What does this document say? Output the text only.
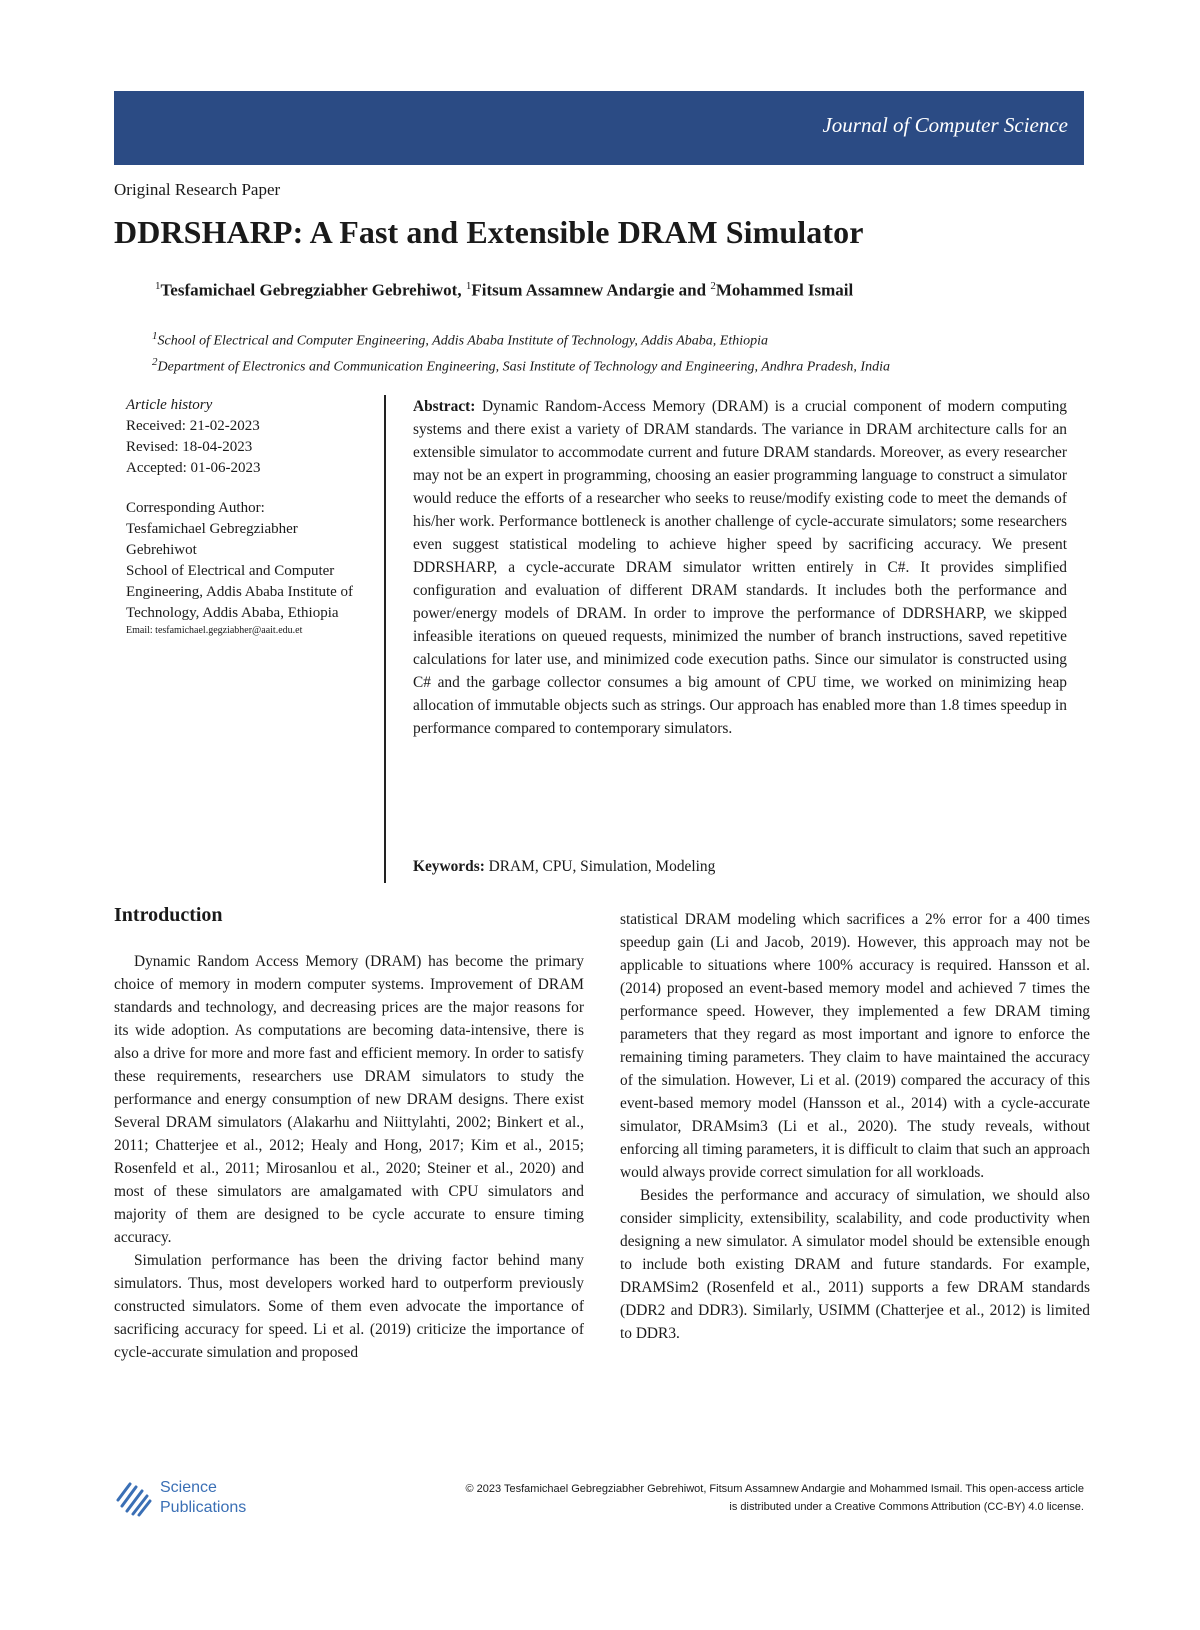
Journal of Computer Science
Original Research Paper
DDRSHARP: A Fast and Extensible DRAM Simulator
$^1$Tesfamichael Gebregziabher Gebrehiwot, $^1$Fitsum Assamnew Andargie and $^2$Mohammed Ismail
$^1$School of Electrical and Computer Engineering, Addis Ababa Institute of Technology, Addis Ababa, Ethiopia
$^2$Department of Electronics and Communication Engineering, Sasi Institute of Technology and Engineering, Andhra Pradesh, India
Article history
Received: 21-02-2023
Revised: 18-04-2023
Accepted: 01-06-2023
Corresponding Author:
Tesfamichael Gebregziabher Gebrehiwot
School of Electrical and Computer Engineering, Addis Ababa Institute of Technology, Addis Ababa, Ethiopia
Email: tesfamichael.gegziabher@aait.edu.et
Abstract: Dynamic Random-Access Memory (DRAM) is a crucial component of modern computing systems and there exist a variety of DRAM standards. The variance in DRAM architecture calls for an extensible simulator to accommodate current and future DRAM standards. Moreover, as every researcher may not be an expert in programming, choosing an easier programming language to construct a simulator would reduce the efforts of a researcher who seeks to reuse/modify existing code to meet the demands of his/her work. Performance bottleneck is another challenge of cycle-accurate simulators; some researchers even suggest statistical modeling to achieve higher speed by sacrificing accuracy. We present DDRSHARP, a cycle-accurate DRAM simulator written entirely in C#. It provides simplified configuration and evaluation of different DRAM standards. It includes both the performance and power/energy models of DRAM. In order to improve the performance of DDRSHARP, we skipped infeasible iterations on queued requests, minimized the number of branch instructions, saved repetitive calculations for later use, and minimized code execution paths. Since our simulator is constructed using C# and the garbage collector consumes a big amount of CPU time, we worked on minimizing heap allocation of immutable objects such as strings. Our approach has enabled more than 1.8 times speedup in performance compared to contemporary simulators.
Keywords: DRAM, CPU, Simulation, Modeling
Introduction

Dynamic Random Access Memory (DRAM) has become the primary choice of memory in modern computer systems. Improvement of DRAM standards and technology, and decreasing prices are the major reasons for its wide adoption. As computations are becoming data-intensive, there is also a drive for more and more fast and efficient memory. In order to satisfy these requirements, researchers use DRAM simulators to study the performance and energy consumption of new DRAM designs. There exist Several DRAM simulators (Alakarhu and Niittylahti, 2002; Binkert et al., 2011; Chatterjee et al., 2012; Healy and Hong, 2017; Kim et al., 2015; Rosenfeld et al., 2011; Mirosanlou et al., 2020; Steiner et al., 2020) and most of these simulators are amalgamated with CPU simulators and majority of them are designed to be cycle accurate to ensure timing accuracy.

Simulation performance has been the driving factor behind many simulators. Thus, most developers worked hard to outperform previously constructed simulators. Some of them even advocate the importance of sacrificing accuracy for speed. Li et al. (2019) criticize the importance of cycle-accurate simulation and proposed

statistical DRAM modeling which sacrifices a 2% error for a 400 times speedup gain (Li and Jacob, 2019). However, this approach may not be applicable to situations where 100% accuracy is required. Hansson et al. (2014) proposed an event-based memory model and achieved 7 times the performance speed. However, they implemented a few DRAM timing parameters that they regard as most important and ignore to enforce the remaining timing parameters. They claim to have maintained the accuracy of the simulation. However, Li et al. (2019) compared the accuracy of this event-based memory model (Hansson et al., 2014) with a cycle-accurate simulator, DRAMsim3 (Li et al., 2020). The study reveals, without enforcing all timing parameters, it is difficult to claim that such an approach would always provide correct simulation for all workloads.

Besides the performance and accuracy of simulation, we should also consider simplicity, extensibility, scalability, and code productivity when designing a new simulator. A simulator model should be extensible enough to include both existing DRAM and future standards. For example, DRAMSim2 (Rosenfeld et al., 2011) supports a few DRAM standards (DDR2 and DDR3). Similarly, USIMM (Chatterjee et al., 2012) is limited to DDR3.

Science
Publications
© 2023 Tesfamichael Gebregziabher Gebrehiwot, Fitsum Assamnew Andargie and Mohammed Ismail. This open-access article
is distributed under a Creative Commons Attribution (CC-BY) 4.0 license.
